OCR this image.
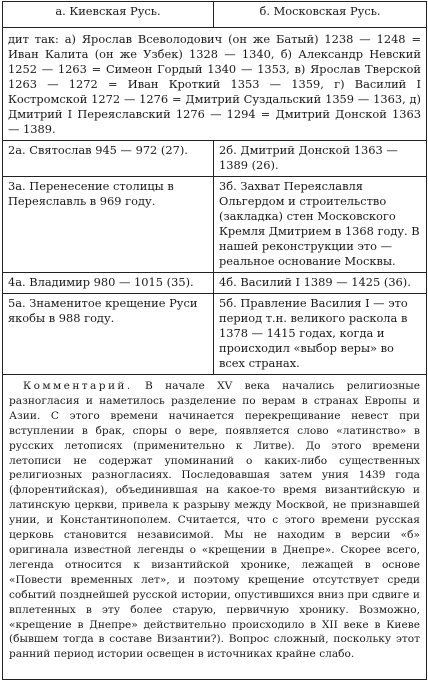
а. Киевская Русь.	б. Московская Русь.
дит так: а) Ярослав Всеволодович (он же Батый) 1238 — 1248 = Иван Калита (он же Узбек) 1328 — 1340, б) Александр Невский 1252 — 1263 = Симеон Гордый 1340 — 1353, в) Ярослав Тверской 1263 — 1272 = Иван Кроткий 1353 — 1359, г) Василий I Костромской 1272 — 1276 = Дмитрий Суздальский 1359 — 1363, д) Дмитрий I Переяславский 1276 — 1294 = Дмитрий Донской 1363 — 1389.	
2а. Святослав 945 — 972 (27).	2б. Дмитрий Донской 1363 — 1389 (26).
3а. Перенесение столицы в Переяславль в 969 году.	3б. Захват Переяславля Ольгердом и строительство (закладка) стен Московского Кремля Дмитрием в 1368 году. В нашей реконструкции это — реальное основание Москвы.
4а. Владимир 980 — 1015 (35).	4б. Василий I 1389 — 1425 (36).
5а. Знаменитое крещение Руси якобы в 988 году.	5б. Правление Василия I — это период т.н. великого раскола в 1378 — 1415 годах, когда и происходил «выбор веры» во всех странах.
Комментарий. В начале XV века начались религиозные разногласия и наметилось разделение по верам в странах Европы и Азии. С этого времени начинается перекрещивание невест при вступлении в брак, споры о вере, появляется слово «латинство» в русских летописях (применительно к Литве). До этого времени летописи не содержат упоминаний о каких-либо существенных религиозных разногласиях. Последовавшая затем уния 1439 года (флорентийская), объединившая на какое-то время византийскую и латинскую церкви, привела к разрыву между Москвой, не признавшей унии, и Константинополем. Считается, что с этого времени русская церковь становится независимой. Мы не находим в версии «б» оригинала известной легенды о «крещении в Днепре». Скорее всего, легенда относится к византийской хронике, лежащей в основе «Повести временных лет», и поэтому крещение отсутствует среди событий позднейшей русской истории, опустившихся вниз при сдвиге и вплетенных в эту более старую, первичную хронику. Возможно, «крещение в Днепре» действительно происходило в XII веке в Киеве (бывшем тогда в составе Византии?). Вопрос сложный, поскольку этот ранний период истории освещен в источниках крайне слабо.	
